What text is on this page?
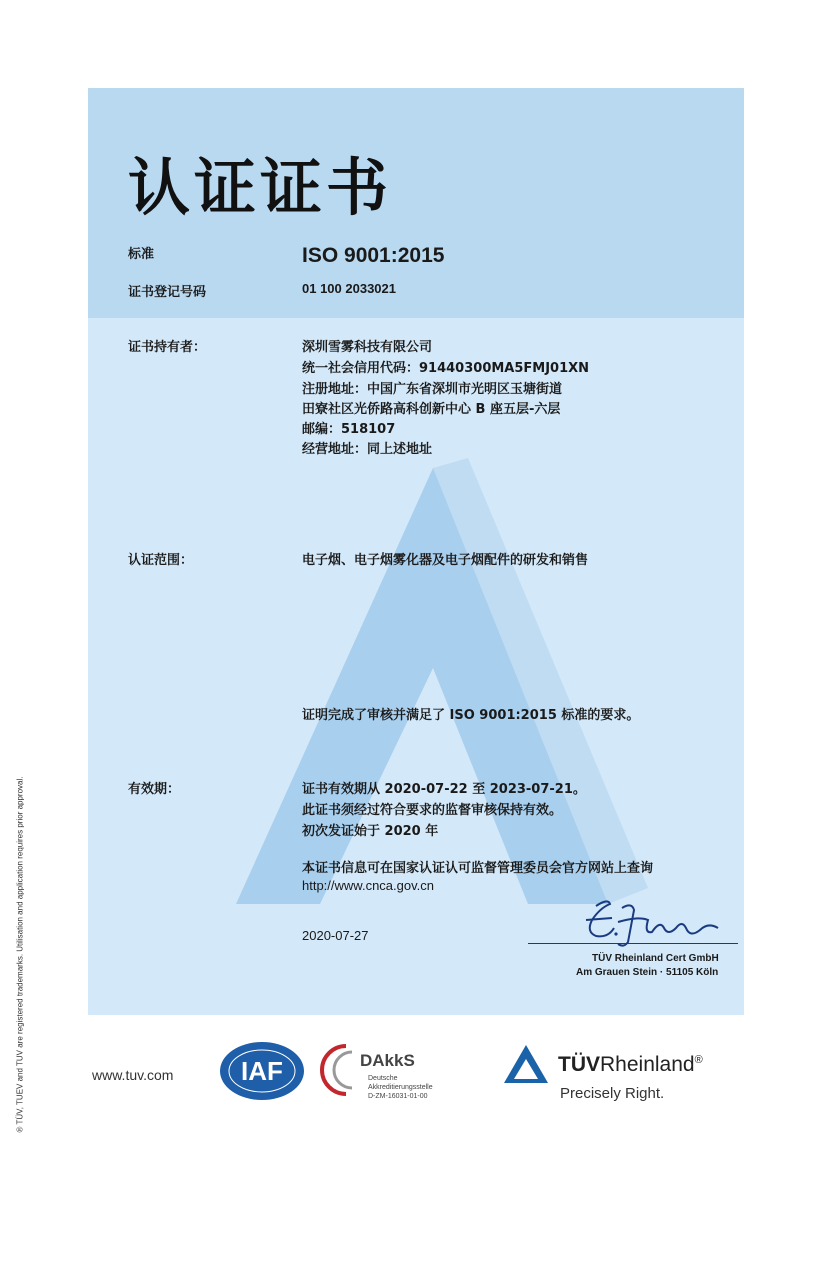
认证证书
标准	ISO 9001:2015
证书登记号码	01 100 2033021
证书持有者：	深圳雪雾科技有限公司
统一社会信用代码：91440300MA5FMJ01XN
注册地址：中国广东省深圳市光明区玉塘街道
田寮社区光侨路高科创新中心 B 座五层-六层
邮编：518107
经营地址：同上述地址
认证范围：	电子烟、电子烟雾化器及电子烟配件的研发和销售
证明完成了审核并满足了 ISO 9001:2015 标准的要求。
有效期：	证书有效期从 2020-07-22 至 2023-07-21。
此证书须经过符合要求的监督审核保持有效。
初次发证始于 2020 年
本证书信息可在国家认证认可监督管理委员会官方网站上查询
http://www.cnca.gov.cn
2020-07-27
TÜV Rheinland Cert GmbH
Am Grauen Stein · 51105 Köln
® TÜV, TUEV and TUV are registered trademarks. Utilisation and application requires prior approval.	www.tuv.com	IAF	DAkkS
Deutsche
Akkreditierungsstelle
D-ZM-16031-01-00
TÜVRheinland®
Precisely Right.
